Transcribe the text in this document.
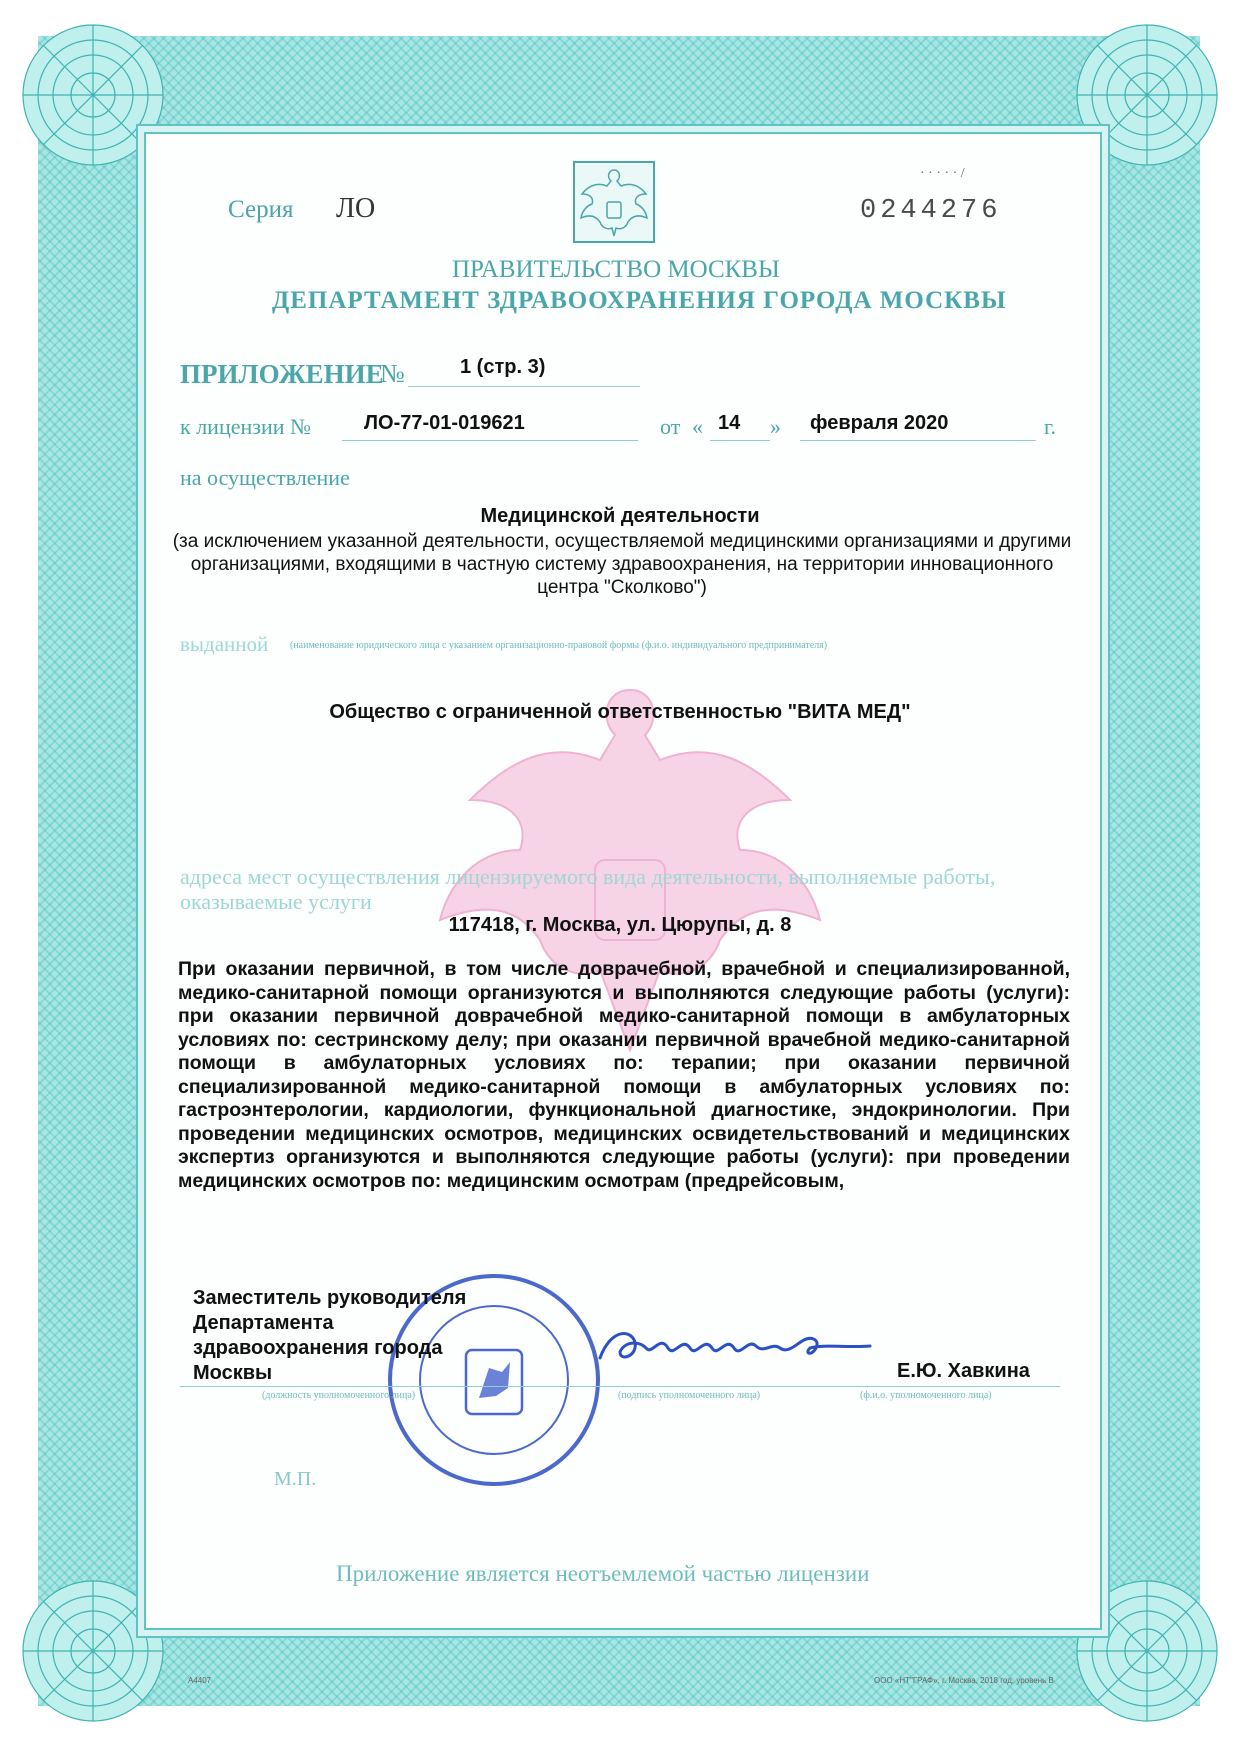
· · · · · /
Серия ЛО	0244276
ПРАВИТЕЛЬСТВО МОСКВЫ
ДЕПАРТАМЕНТ ЗДРАВООХРАНЕНИЯ ГОРОДА МОСКВЫ
ПРИЛОЖЕНИЕ
№	1 (стр. 3)
к лицензии №	ЛО-77-01-019621	от « 14 » февраля 2020	г.
на осуществление
Медицинской деятельности
(за исключением указанной деятельности, осуществляемой медицинскими организациями и другими организациями, входящими в частную систему здравоохранения, на территории инновационного центра "Сколково")
выданной (наименование юридического лица с указанием организационно-правовой формы (ф.и.о. индивидуального предпринимателя)
Общество с ограниченной ответственностью "ВИТА МЕД"
адреса мест осуществления лицензируемого вида деятельности, выполняемые работы, оказываемые услуги
117418, г. Москва, ул. Цюрупы, д. 8
При оказании первичной, в том числе доврачебной, врачебной и специализированной, медико-санитарной помощи организуются и выполняются следующие работы (услуги): при оказании первичной доврачебной медико-санитарной помощи в амбулаторных условиях по: сестринскому делу; при оказании первичной врачебной медико-санитарной помощи в амбулаторных условиях по: терапии; при оказании первичной специализированной медико-санитарной помощи в амбулаторных условиях по: гастроэнтерологии, кардиологии, функциональной диагностике, эндокринологии. При проведении медицинских осмотров, медицинских освидетельствований и медицинских экспертиз организуются и выполняются следующие работы (услуги): при проведении медицинских осмотров по: медицинским осмотрам (предрейсовым,
Заместитель руководителя
Департамента
здравоохранения города
Москвы	Е.Ю. Хавкина
(должность уполномоченного лица)	(подпись уполномоченного лица)	(ф.и.о. уполномоченного лица)
М.П.
Приложение является неотъемлемой частью лицензии
А4407	ООО «НТ"ГРАФ», г. Москва, 2018 год, уровень В
